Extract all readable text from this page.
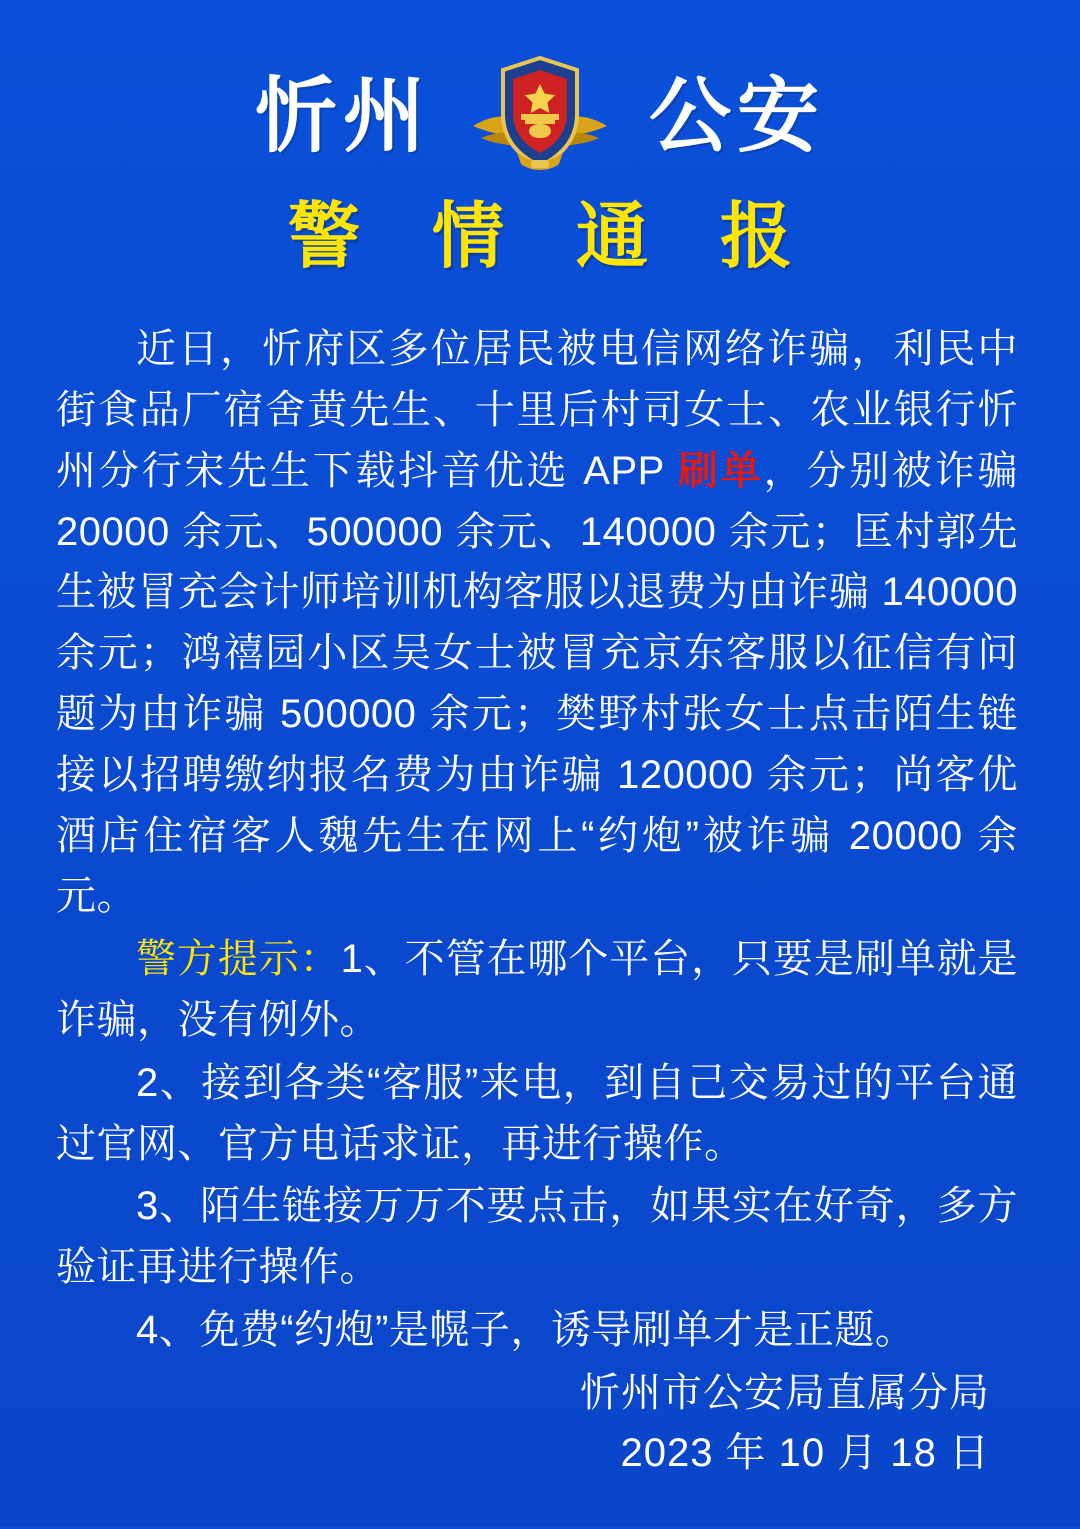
忻州	公安
警 情 通 报

近日，忻府区多位居民被电信网络诈骗，利民中街食品厂宿舍黄先生、十里后村司女士、农业银行忻州分行宋先生下载抖音优选 APP 刷单，分别被诈骗 20000 余元、500000 余元、140000 余元；匡村郭先生被冒充会计师培训机构客服以退费为由诈骗 140000 余元；鸿禧园小区吴女士被冒充京东客服以征信有问题为由诈骗 500000 余元；樊野村张女士点击陌生链接以招聘缴纳报名费为由诈骗 120000 余元；尚客优酒店住宿客人魏先生在网上“约炮”被诈骗 20000 余元。

警方提示：1、不管在哪个平台，只要是刷单就是诈骗，没有例外。

2、接到各类“客服”来电，到自己交易过的平台通过官网、官方电话求证，再进行操作。

3、陌生链接万万不要点击，如果实在好奇，多方验证再进行操作。

4、免费“约炮”是幌子，诱导刷单才是正题。

忻州市公安局直属分局
2023 年 10 月 18 日
